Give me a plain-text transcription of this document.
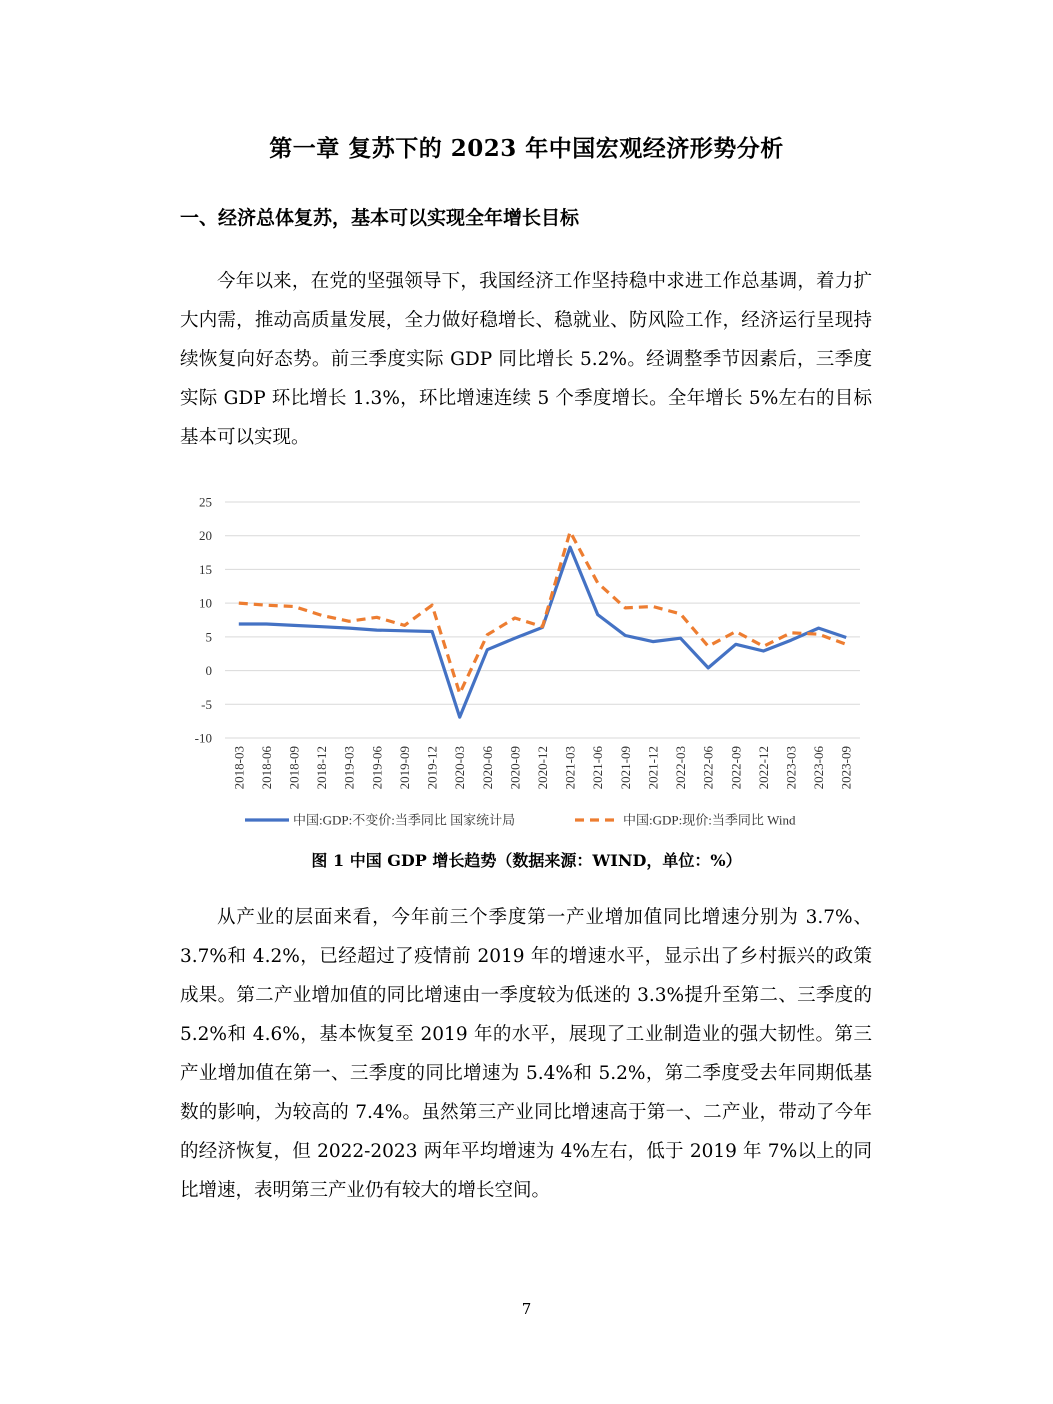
第一章 复苏下的 2023 年中国宏观经济形势分析
一、经济总体复苏，基本可以实现全年增长目标

今年以来，在党的坚强领导下，我国经济工作坚持稳中求进工作总基调，着力扩大内需，推动高质量发展，全力做好稳增长、稳就业、防风险工作，经济运行呈现持续恢复向好态势。前三季度实际 GDP 同比增长 5.2%。经调整季节因素后，三季度实际 GDP 环比增长 1.3%，环比增速连续 5 个季度增长。全年增长 5%左右的目标基本可以实现。

-10
-5
0
5
10
15
20
25
2018-03 2018-06 2018-09 2018-12 2019-03 2019-06 2019-09 2019-12 2020-03 2020-06 2020-09 2020-12 2021-03 2021-06 2021-09 2021-12 2022-03 2022-06 2022-09 2022-12 2023-03 2023-06 2023-09
中国:GDP:不变价:当季同比 国家统计局	中国:GDP:现价:当季同比 Wind
图 1 中国 GDP 增长趋势（数据来源：WIND，单位：%）

从产业的层面来看，今年前三个季度第一产业增加值同比增速分别为 3.7%、3.7%和 4.2%，已经超过了疫情前 2019 年的增速水平，显示出了乡村振兴的政策成果。第二产业增加值的同比增速由一季度较为低迷的 3.3%提升至第二、三季度的 5.2%和 4.6%，基本恢复至 2019 年的水平，展现了工业制造业的强大韧性。第三产业增加值在第一、三季度的同比增速为 5.4%和 5.2%，第二季度受去年同期低基数的影响，为较高的 7.4%。虽然第三产业同比增速高于第一、二产业，带动了今年的经济恢复，但 2022-2023 两年平均增速为 4%左右，低于 2019 年 7%以上的同比增速，表明第三产业仍有较大的增长空间。

7
